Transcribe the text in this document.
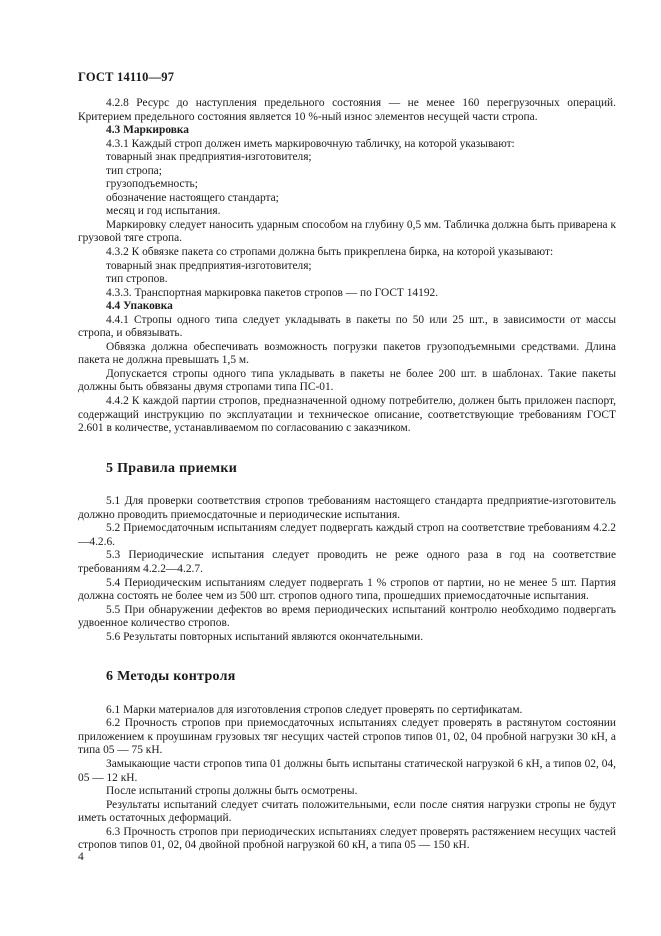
ГОСТ 14110—97

4.2.8 Ресурс до наступления предельного состояния — не менее 160 перегрузочных операций. Критерием предельного состояния является 10 %-ный износ элементов несущей части стропа.

4.3 Маркировка

4.3.1 Каждый строп должен иметь маркировочную табличку, на которой указывают:

товарный знак предприятия-изготовителя;

тип стропа;

грузоподъемность;

обозначение настоящего стандарта;

месяц и год испытания.

Маркировку следует наносить ударным способом на глубину 0,5 мм. Табличка должна быть приварена к грузовой тяге стропа.

4.3.2 К обвязке пакета со стропами должна быть прикреплена бирка, на которой указывают:

товарный знак предприятия-изготовителя;

тип стропов.

4.3.3. Транспортная маркировка пакетов стропов — по ГОСТ 14192.

4.4 Упаковка

4.4.1 Стропы одного типа следует укладывать в пакеты по 50 или 25 шт., в зависимости от массы стропа, и обвязывать.

Обвязка должна обеспечивать возможность погрузки пакетов грузоподъемными средствами. Длина пакета не должна превышать 1,5 м.

Допускается стропы одного типа укладывать в пакеты не более 200 шт. в шаблонах. Такие пакеты должны быть обвязаны двумя стропами типа ПС-01.

4.4.2 К каждой партии стропов, предназначенной одному потребителю, должен быть приложен паспорт, содержащий инструкцию по эксплуатации и техническое описание, соответствующие требованиям ГОСТ 2.601 в количестве, устанавливаемом по согласованию с заказчиком.

5 Правила приемки

5.1 Для проверки соответствия стропов требованиям настоящего стандарта предприятие-изготовитель должно проводить приемосдаточные и периодические испытания.

5.2 Приемосдаточным испытаниям следует подвергать каждый строп на соответствие требованиям 4.2.2—4.2.6.

5.3 Периодические испытания следует проводить не реже одного раза в год на соответствие требованиям 4.2.2—4.2.7.

5.4 Периодическим испытаниям следует подвергать 1 % стропов от партии, но не менее 5 шт. Партия должна состоять не более чем из 500 шт. стропов одного типа, прошедших приемосдаточные испытания.

5.5 При обнаружении дефектов во время периодических испытаний контролю необходимо подвергать удвоенное количество стропов.

5.6 Результаты повторных испытаний являются окончательными.

6 Методы контроля

6.1 Марки материалов для изготовления стропов следует проверять по сертификатам.

6.2 Прочность стропов при приемосдаточных испытаниях следует проверять в растянутом состоянии приложением к проушинам грузовых тяг несущих частей стропов типов 01, 02, 04 пробной нагрузки 30 кН, а типа 05 — 75 кН.

Замыкающие части стропов типа 01 должны быть испытаны статической нагрузкой 6 кН, а типов 02, 04, 05 — 12 кН.

После испытаний стропы должны быть осмотрены.

Результаты испытаний следует считать положительными, если после снятия нагрузки стропы не будут иметь остаточных деформаций.

6.3 Прочность стропов при периодических испытаниях следует проверять растяжением несущих частей стропов типов 01, 02, 04 двойной пробной нагрузкой 60 кН, а типа 05 — 150 кН.

4
